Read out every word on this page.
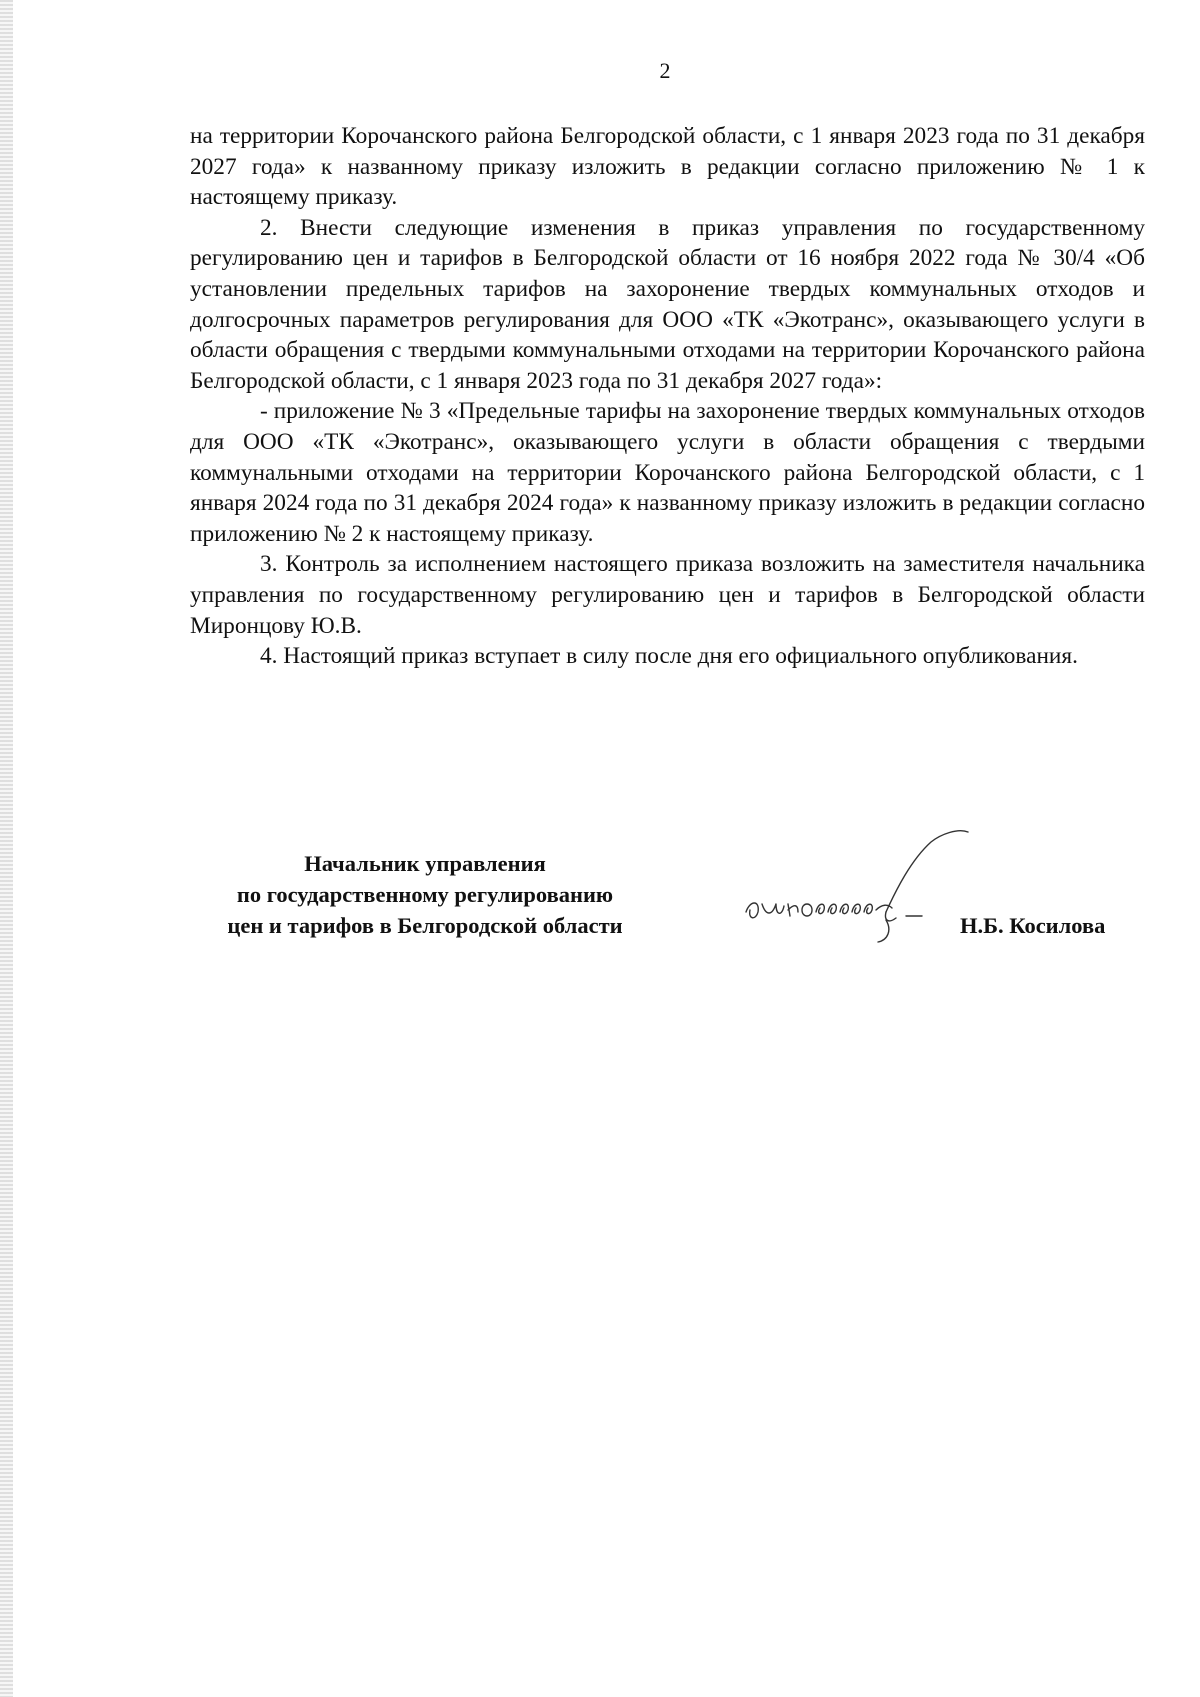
2

на территории Корочанского района Белгородской области, с 1 января 2023 года по 31 декабря 2027 года» к названному приказу изложить в редакции согласно приложению № 1 к настоящему приказу.

2. Внести следующие изменения в приказ управления по государственному регулированию цен и тарифов в Белгородской области от 16 ноября 2022 года № 30/4 «Об установлении предельных тарифов на захоронение твердых коммунальных отходов и долгосрочных параметров регулирования для ООО «ТК «Экотранс», оказывающего услуги в области обращения с твердыми коммунальными отходами на территории Корочанского района Белгородской области, с 1 января 2023 года по 31 декабря 2027 года»:

- приложение № 3 «Предельные тарифы на захоронение твердых коммунальных отходов для ООО «ТК «Экотранс», оказывающего услуги в области обращения с твердыми коммунальными отходами на территории Корочанского района Белгородской области, с 1 января 2024 года по 31 декабря 2024 года» к названному приказу изложить в редакции согласно приложению № 2 к настоящему приказу.

3. Контроль за исполнением настоящего приказа возложить на заместителя начальника управления по государственному регулированию цен и тарифов в Белгородской области Миронцову Ю.В.

4. Настоящий приказ вступает в силу после дня его официального опубликования.

Начальник управления
по государственному регулированию
цен и тарифов в Белгородской области	Н.Б. Косилова
